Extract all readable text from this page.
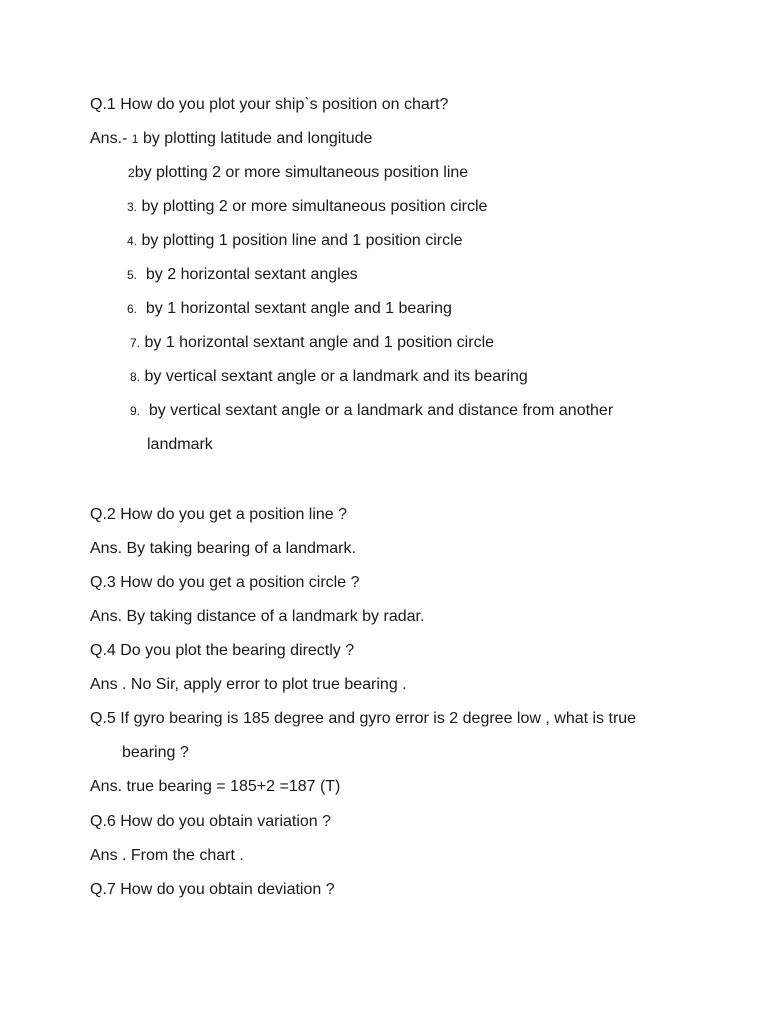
Q.1 How do you plot your ship`s position on chart?
Ans.- 1 by plotting latitude and longitude
2by plotting 2 or more simultaneous position line
3. by plotting 2 or more simultaneous position circle
4. by plotting 1 position line and 1 position circle
5. by 2 horizontal sextant angles
6. by 1 horizontal sextant angle and 1 bearing
7. by 1 horizontal sextant angle and 1 position circle
8. by vertical sextant angle or a landmark and its bearing
9. by vertical sextant angle or a landmark and distance from another
landmark
Q.2 How do you get a position line ?
Ans. By taking bearing of a landmark.
Q.3 How do you get a position circle ?
Ans. By taking distance of a landmark by radar.
Q.4 Do you plot the bearing directly ?
Ans . No Sir, apply error to plot true bearing .
Q.5 If gyro bearing is 185 degree and gyro error is 2 degree low , what is true
bearing ?
Ans. true bearing = 185+2 =187 (T)
Q.6 How do you obtain variation ?
Ans . From the chart .
Q.7 How do you obtain deviation ?
